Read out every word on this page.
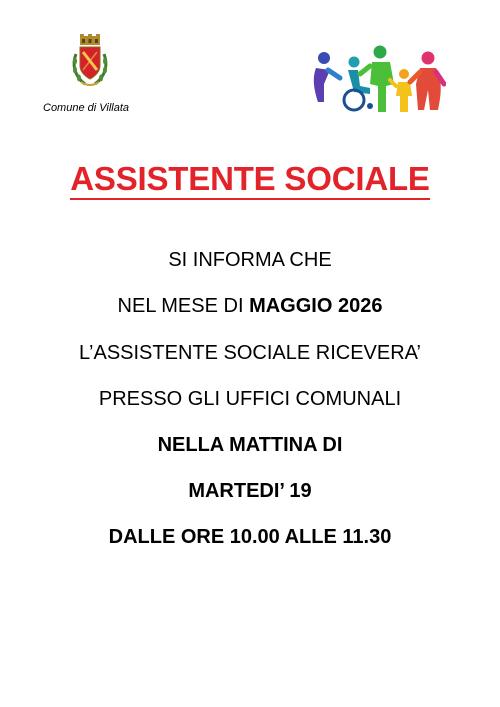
Comune di Villata
ASSISTENTE SOCIALE
SI INFORMA CHE
NEL MESE DI MAGGIO 2026
L’ASSISTENTE SOCIALE RICEVERA’
PRESSO GLI UFFICI COMUNALI
NELLA MATTINA DI
MARTEDI’ 19
DALLE ORE 10.00 ALLE 11.30
